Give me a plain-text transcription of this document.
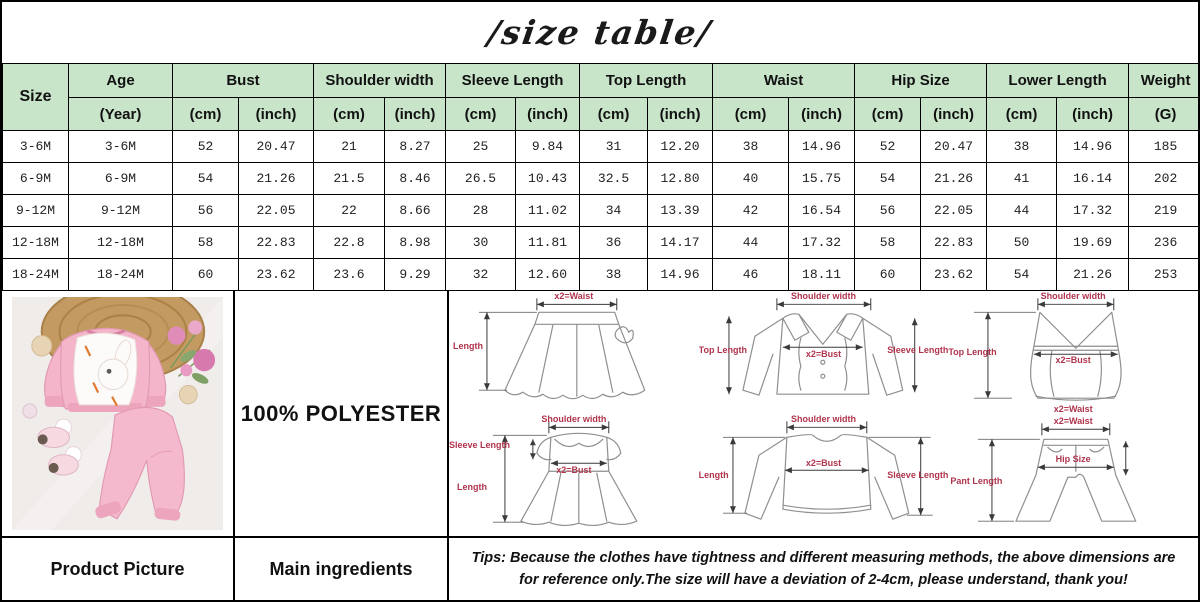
/size table/
Size	Age	Bust		Shoulder width		Sleeve Length		Top Length		Waist		Hip Size		Lower Length		Weight
	(Year)	(cm)	(inch)	(cm)	(inch)	(cm)	(inch)	(cm)	(inch)	(cm)	(inch)	(cm)	(inch)	(cm)	(inch)	(G)
3-6M	3-6M	52	20.47	21	8.27	25	9.84	31	12.20	38	14.96	52	20.47	38	14.96	185
6-9M	6-9M	54	21.26	21.5	8.46	26.5	10.43	32.5	12.80	40	15.75	54	21.26	41	16.14	202
9-12M	9-12M	56	22.05	22	8.66	28	11.02	34	13.39	42	16.54	56	22.05	44	17.32	219
12-18M	12-18M	58	22.83	22.8	8.98	30	11.81	36	14.17	44	17.32	58	22.83	50	19.69	236
18-24M	18-24M	60	23.62	23.6	9.29	32	12.60	38	14.96	46	18.11	60	23.62	54	21.26	253
Product Picture
100% POLYESTER
Main ingredients
x2=Waist
Length
Shoulder width
Top Length	x2=Bust	Sleeve Length
Shoulder width
Top Length
x2=Bust
x2=Waist
Shoulder width
Sleeve Length
x2=Bust
Length
Shoulder width
Length
x2=Bust
Sleeve Length
x2=Waist
Hip Size
Pant Length
Tips: Because the clothes have tightness and different measuring methods, the above dimensions are
for reference only.The size will have a deviation of 2-4cm, please understand, thank you!
